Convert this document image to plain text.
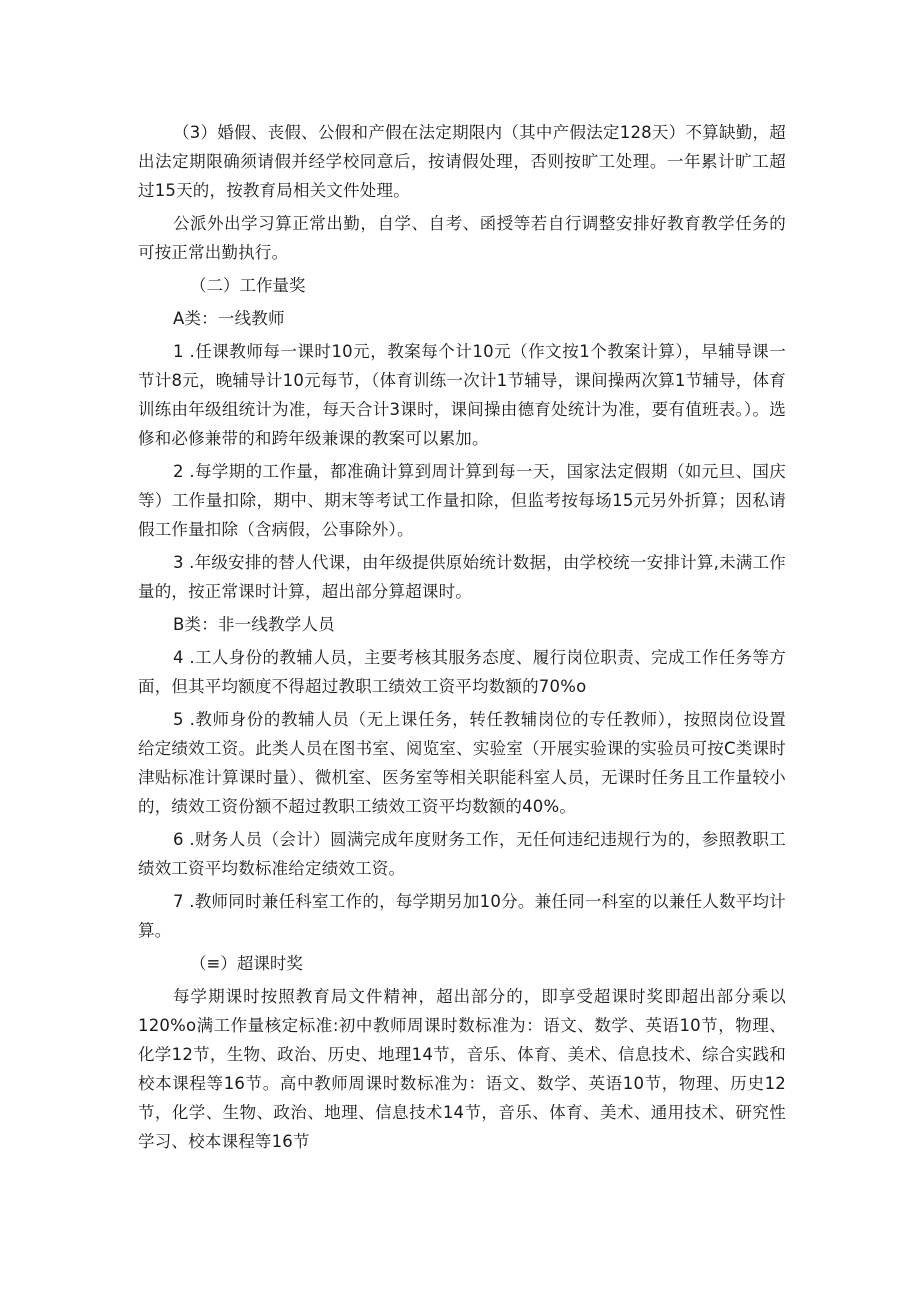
（3）婚假、丧假、公假和产假在法定期限内（其中产假法定128天）不算缺勤，超出法定期限确须请假并经学校同意后，按请假处理，否则按旷工处理。一年累计旷工超过15天的，按教育局相关文件处理。

公派外出学习算正常出勤，自学、自考、函授等若自行调整安排好教育教学任务的可按正常出勤执行。

（二）工作量奖

A类：一线教师

1 .任课教师每一课时10元，教案每个计10元（作文按1个教案计算），早辅导课一节计8元，晚辅导计10元每节，（体育训练一次计1节辅导，课间操两次算1节辅导，体育训练由年级组统计为准，每天合计3课时，课间操由德育处统计为准，要有值班表。）。选修和必修兼带的和跨年级兼课的教案可以累加。

2 .每学期的工作量，都准确计算到周计算到每一天，国家法定假期（如元旦、国庆等）工作量扣除，期中、期末等考试工作量扣除，但监考按每场15元另外折算；因私请假工作量扣除（含病假，公事除外）。

3 .年级安排的替人代课，由年级提供原始统计数据，由学校统一安排计算,未满工作量的，按正常课时计算，超出部分算超课时。

B类：非一线教学人员

4 .工人身份的教辅人员，主要考核其服务态度、履行岗位职责、完成工作任务等方面，但其平均额度不得超过教职工绩效工资平均数额的70%o

5 .教师身份的教辅人员（无上课任务，转任教辅岗位的专任教师），按照岗位设置给定绩效工资。此类人员在图书室、阅览室、实验室（开展实验课的实验员可按C类课时津贴标准计算课时量）、微机室、医务室等相关职能科室人员，无课时任务且工作量较小的，绩效工资份额不超过教职工绩效工资平均数额的40%。

6 .财务人员（会计）圆满完成年度财务工作，无任何违纪违规行为的，参照教职工绩效工资平均数标准给定绩效工资。

7 .教师同时兼任科室工作的，每学期另加10分。兼任同一科室的以兼任人数平均计算。

（≡）超课时奖

每学期课时按照教育局文件精神，超出部分的，即享受超课时奖即超出部分乘以120%o满工作量核定标准:初中教师周课时数标准为：语文、数学、英语10节，物理、化学12节，生物、政治、历史、地理14节，音乐、体育、美术、信息技术、综合实践和校本课程等16节。高中教师周课时数标准为：语文、数学、英语10节，物理、历史12节，化学、生物、政治、地理、信息技术14节，音乐、体育、美术、通用技术、研究性学习、校本课程等16节
